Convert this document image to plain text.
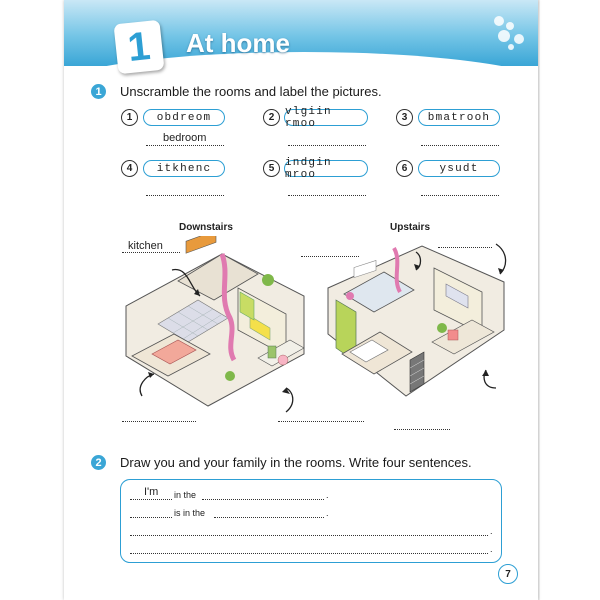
1	At home
1	Unscramble the rooms and label the pictures.
1	obdreom
bedroom
2 vlgiin rmoo	3	bmatrooh
4	itkhenc	5 indgin mroo	6	ysudt
Downstairs	Upstairs
kitchen
2	Draw you and your family in the rooms. Write four sentences.
I'm in the	.
is in the	.
.
.
7
